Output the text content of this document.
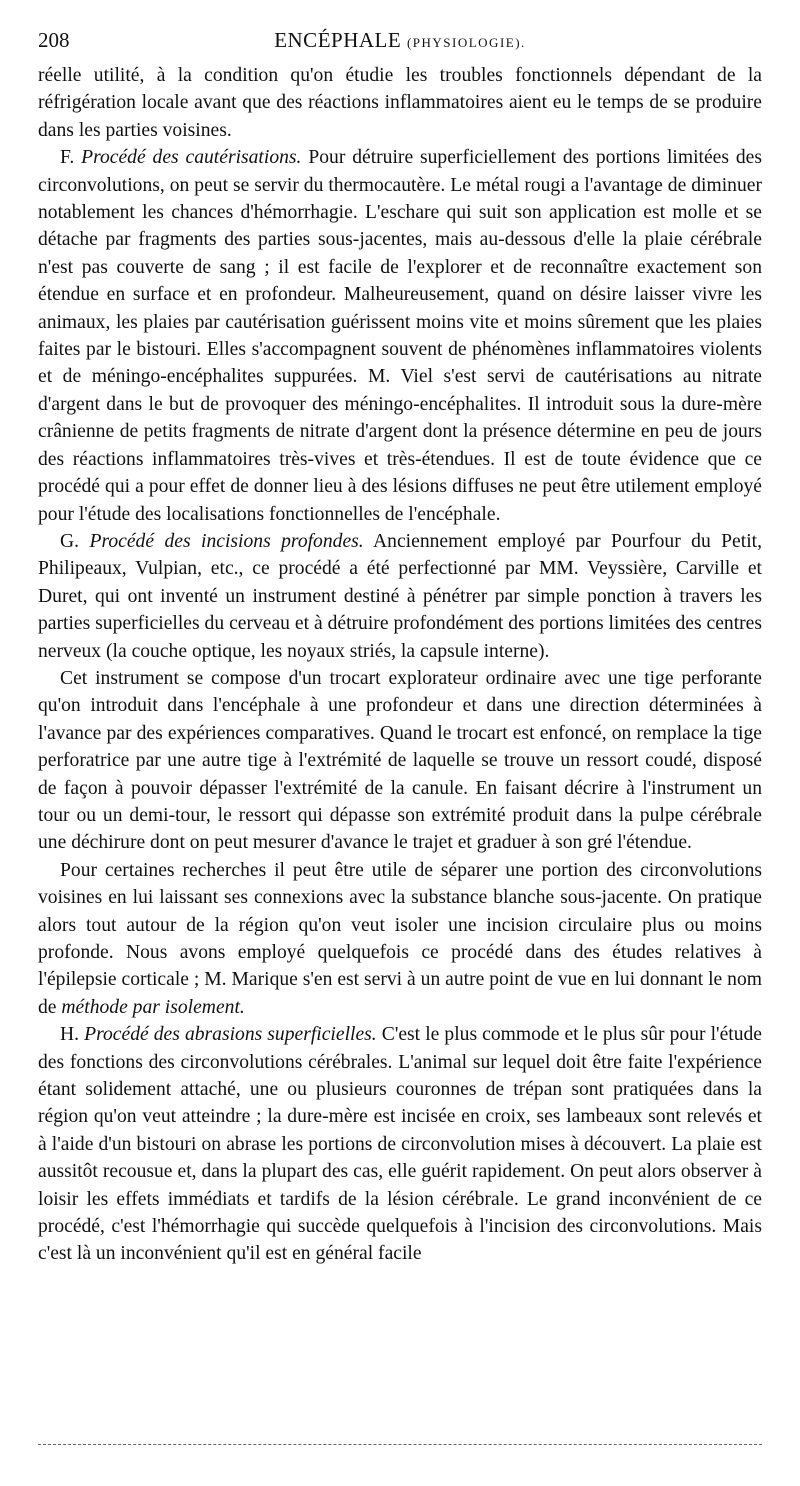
208	ENCÉPHALE (PHYSIOLOGIE).

réelle utilité, à la condition qu'on étudie les troubles fonctionnels dépendant de la réfrigération locale avant que des réactions inflammatoires aient eu le temps de se produire dans les parties voisines.

F. Procédé des cautérisations. Pour détruire superficiellement des portions limitées des circonvolutions, on peut se servir du thermocautère. Le métal rougi a l'avantage de diminuer notablement les chances d'hémorrhagie. L'eschare qui suit son application est molle et se détache par fragments des parties sous-jacentes, mais au-dessous d'elle la plaie cérébrale n'est pas couverte de sang ; il est facile de l'explorer et de reconnaître exactement son étendue en surface et en profondeur. Malheureusement, quand on désire laisser vivre les animaux, les plaies par cautérisation guérissent moins vite et moins sûrement que les plaies faites par le bistouri. Elles s'accompagnent souvent de phénomènes inflammatoires violents et de méningo-encéphalites suppurées. M. Viel s'est servi de cautérisations au nitrate d'argent dans le but de provoquer des méningo-encéphalites. Il introduit sous la dure-mère crânienne de petits fragments de nitrate d'argent dont la présence détermine en peu de jours des réactions inflammatoires très-vives et très-étendues. Il est de toute évidence que ce procédé qui a pour effet de donner lieu à des lésions diffuses ne peut être utilement employé pour l'étude des localisations fonctionnelles de l'encéphale.

G. Procédé des incisions profondes. Anciennement employé par Pourfour du Petit, Philipeaux, Vulpian, etc., ce procédé a été perfectionné par MM. Veyssière, Carville et Duret, qui ont inventé un instrument destiné à pénétrer par simple ponction à travers les parties superficielles du cerveau et à détruire profondément des portions limitées des centres nerveux (la couche optique, les noyaux striés, la capsule interne).

Cet instrument se compose d'un trocart explorateur ordinaire avec une tige perforante qu'on introduit dans l'encéphale à une profondeur et dans une direction déterminées à l'avance par des expériences comparatives. Quand le trocart est enfoncé, on remplace la tige perforatrice par une autre tige à l'extrémité de laquelle se trouve un ressort coudé, disposé de façon à pouvoir dépasser l'extrémité de la canule. En faisant décrire à l'instrument un tour ou un demi-tour, le ressort qui dépasse son extrémité produit dans la pulpe cérébrale une déchirure dont on peut mesurer d'avance le trajet et graduer à son gré l'étendue.

Pour certaines recherches il peut être utile de séparer une portion des circonvolutions voisines en lui laissant ses connexions avec la substance blanche sous-jacente. On pratique alors tout autour de la région qu'on veut isoler une incision circulaire plus ou moins profonde. Nous avons employé quelquefois ce procédé dans des études relatives à l'épilepsie corticale ; M. Marique s'en est servi à un autre point de vue en lui donnant le nom de méthode par isolement.

H. Procédé des abrasions superficielles. C'est le plus commode et le plus sûr pour l'étude des fonctions des circonvolutions cérébrales. L'animal sur lequel doit être faite l'expérience étant solidement attaché, une ou plusieurs couronnes de trépan sont pratiquées dans la région qu'on veut atteindre ; la dure-mère est incisée en croix, ses lambeaux sont relevés et à l'aide d'un bistouri on abrase les portions de circonvolution mises à découvert. La plaie est aussitôt recousue et, dans la plupart des cas, elle guérit rapidement. On peut alors observer à loisir les effets immédiats et tardifs de la lésion cérébrale. Le grand inconvénient de ce procédé, c'est l'hémorrhagie qui succède quelquefois à l'incision des circonvolutions. Mais c'est là un inconvénient qu'il est en général facile
